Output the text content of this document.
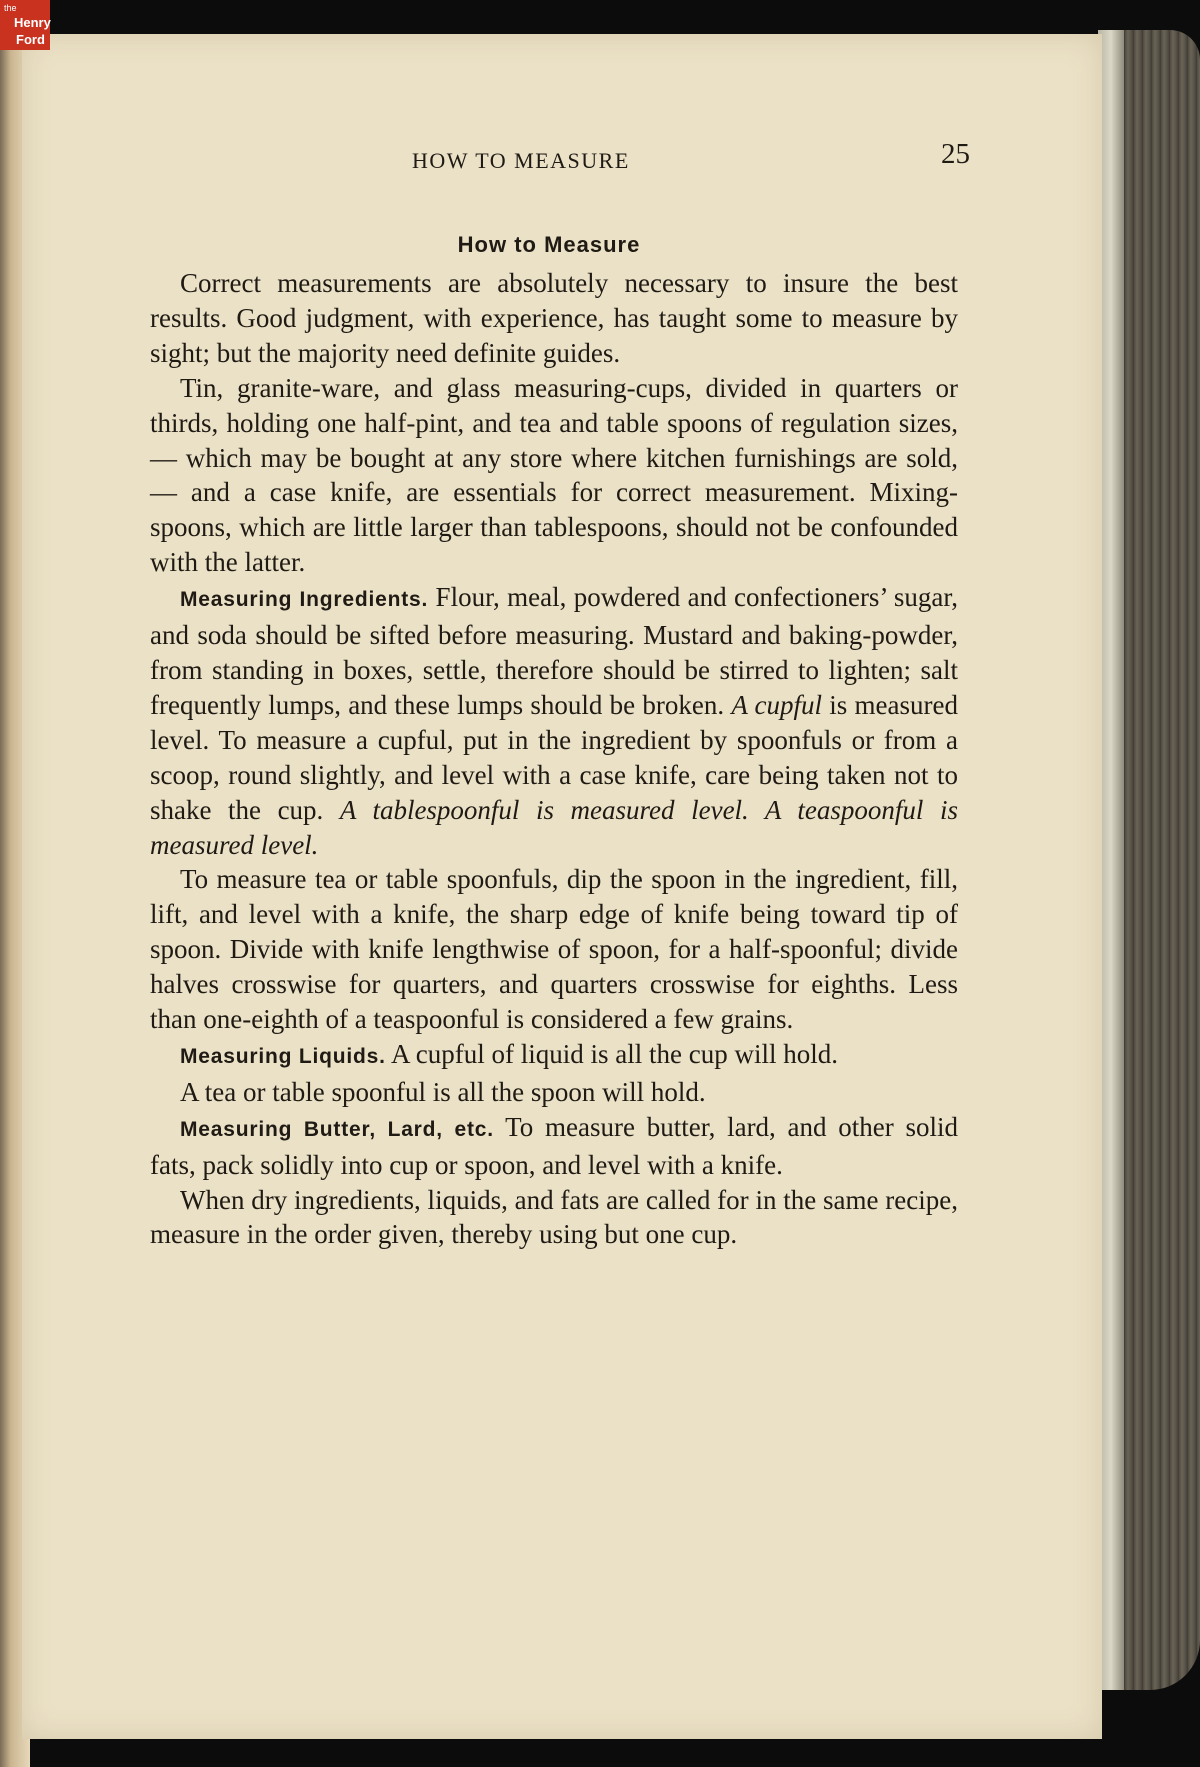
the
Henry
Ford
HOW TO MEASURE	25
How to Measure

Correct measurements are absolutely necessary to insure the best results. Good judgment, with experience, has taught some to measure by sight; but the majority need definite guides.

Tin, granite-ware, and glass measuring-cups, divided in quarters or thirds, holding one half-pint, and tea and table spoons of regulation sizes, — which may be bought at any store where kitchen furnishings are sold, — and a case knife, are essentials for correct measurement. Mixing-spoons, which are little larger than tablespoons, should not be confounded with the latter.

Measuring Ingredients. Flour, meal, powdered and confectioners’ sugar, and soda should be sifted before measuring. Mustard and baking-powder, from standing in boxes, settle, therefore should be stirred to lighten; salt frequently lumps, and these lumps should be broken. A cupful is measured level. To measure a cupful, put in the ingredient by spoonfuls or from a scoop, round slightly, and level with a case knife, care being taken not to shake the cup. A tablespoonful is measured level. A teaspoonful is measured level.

To measure tea or table spoonfuls, dip the spoon in the ingredient, fill, lift, and level with a knife, the sharp edge of knife being toward tip of spoon. Divide with knife lengthwise of spoon, for a half-spoonful; divide halves crosswise for quarters, and quarters crosswise for eighths. Less than one-eighth of a teaspoonful is considered a few grains.

Measuring Liquids. A cupful of liquid is all the cup will hold.

A tea or table spoonful is all the spoon will hold.

Measuring Butter, Lard, etc. To measure butter, lard, and other solid fats, pack solidly into cup or spoon, and level with a knife.

When dry ingredients, liquids, and fats are called for in the same recipe, measure in the order given, thereby using but one cup.
